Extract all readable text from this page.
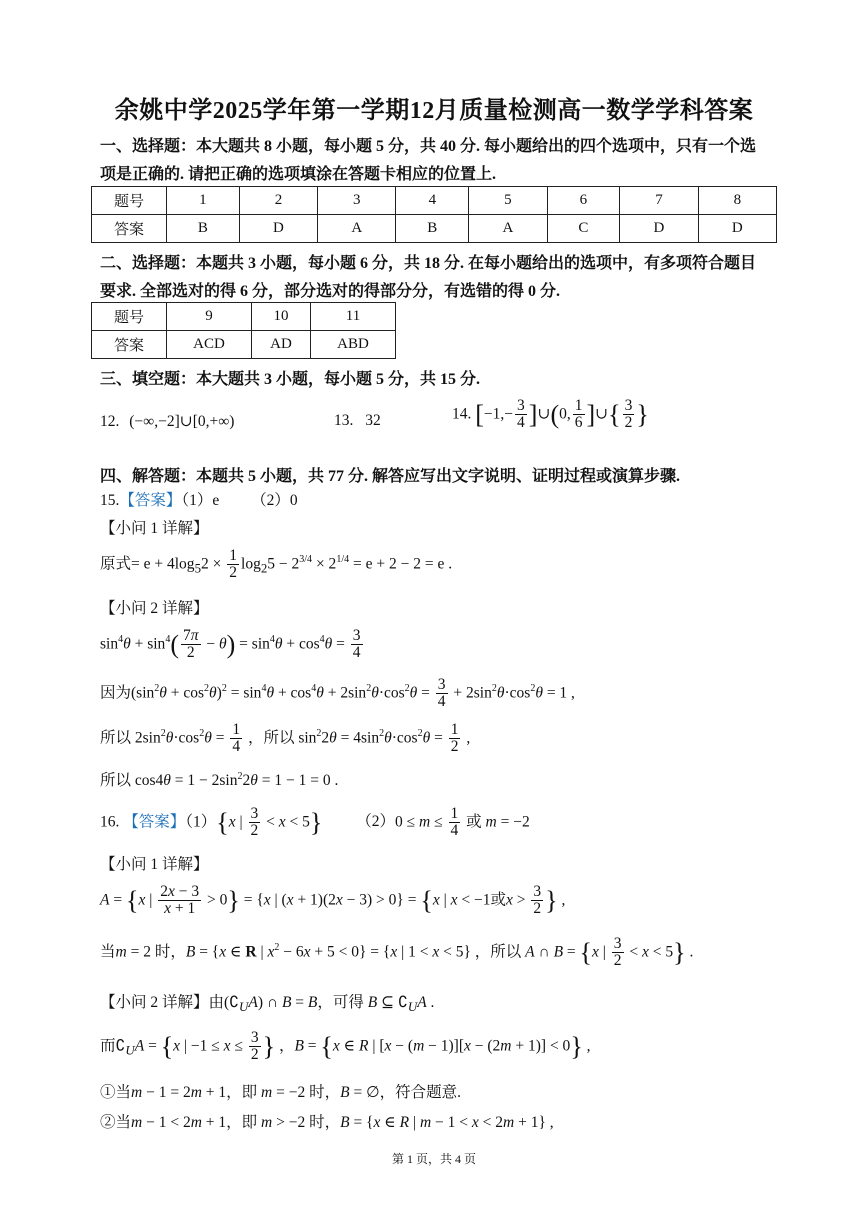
余姚中学2025学年第一学期12月质量检测高一数学学科答案
一、选择题：本大题共 8 小题，每小题 5 分，共 40 分. 每小题给出的四个选项中，只有一个选
项是正确的. 请把正确的选项填涂在答题卡相应的位置上.
题号	1	2	3	4	5	6	7	8
答案	B	D	A	B	A	C	D	D
二、选择题：本题共 3 小题，每小题 6 分，共 18 分. 在每小题给出的选项中，有多项符合题目
要求. 全部选对的得 6 分，部分选对的得部分分，有选错的得 0 分.
题号	9	10	11
答案	ACD	AD	ABD
三、填空题：本大题共 3 小题，每小题 5 分，共 15 分.
12. (−∞,−2]∪[0,+∞)	13. 32	14. [$-1,- \frac{3}{4}$ ]∪(0, $\frac{1}{6}$ ]∪{ $\frac{3}{2}$ }
四、解答题：本题共 5 小题，共 77 分. 解答应写出文字说明、证明过程或演算步骤.
15.【答案】（1）e （2）0
【小问 1 详解】
原式= $e + 4\log_52 \times \frac{1}{2} \log_25 - 2^{3/4} \times 2^{1/4} = e + 2 - 2 = e$ .
【小问 2 详解】
$\sin^4\theta + \sin^4( \frac{7\pi}{2} - \theta) = \sin^4\theta + \cos^4\theta = \frac{3}{4}$
因为$(\sin^2\theta + \cos^2\theta)^2 = \sin^4\theta + \cos^4\theta + 2\sin^2\theta\cdot\cos^2\theta = \frac{3}{4} + 2\sin^2\theta\cdot\cos^2\theta = 1$ ,
所以 $2\sin^2\theta\cdot\cos^2\theta = \frac{1}{4}$ ，所以 $\sin^22\theta = 4\sin^2\theta\cdot\cos^2\theta = \frac{1}{2}$ ,
所以 $\cos 4\theta = 1 - 2\sin^22\theta = 1 - 1 = 0$ .
16. 【答案】（1）{x | $\frac{3}{2} < x < 5$} $(2)0 \le m \le \frac{1}{4}$ 或 m = −2
【小问 1 详解】
A = {x | $\frac{2x - 3}{x + 1} > 0\} = \{x$ | (x + 1)(2x − 3) > 0} = {x | x < −1或$x > \frac{3}{2}$ } ,
当m = 2 时，B = {x ∈ R | $x^2 - 6x + 5 < 0\} = \{x$ | 1 < x < 5} ，所以 A ∩ B = {x | $\frac{3}{2} < x < 5$} .
【小问 2 详解】由$(∁_UA)$ ∩ B = B，可得 B ⊆ $∁_UA$ .
而$∁_UA = \{x$ | $-1 \le x \le \frac{3}{2}$ } ，B = {x ∈ R | [x − (m − 1)][x − (2m + 1)] < 0} ,
①当m − 1 = 2m + 1，即 m = −2 时，B = ∅，符合题意.
②当m − 1 < 2m + 1，即 m > −2 时，B = {x ∈ R | m − 1 < x < 2m + 1} ,
第 1 页，共 4 页
